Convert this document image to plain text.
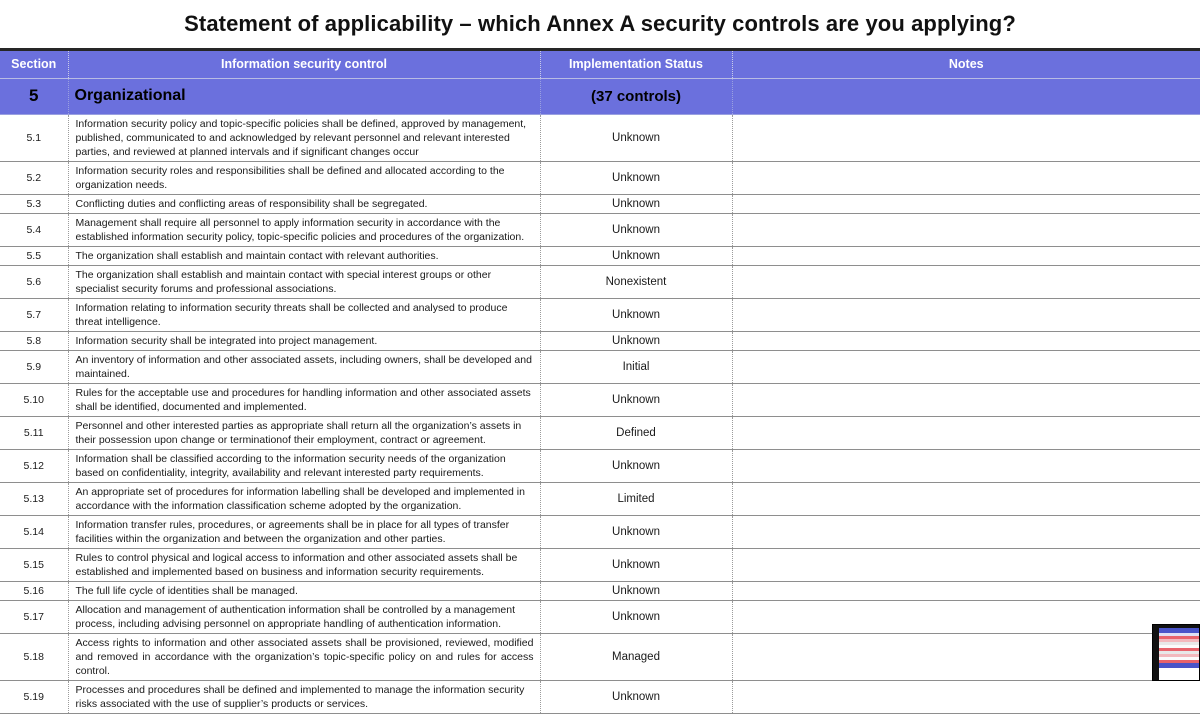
Statement of applicability – which Annex A security controls are you applying?
Section	Information security control	Implementation Status	Notes
5	Organizational	(37 controls)	
5.1	Information security policy and topic-specific policies shall be defined, approved by management, published, communicated to and acknowledged by relevant personnel and relevant interested parties, and reviewed at planned intervals and if significant changes occur	Unknown	
5.2	Information security roles and responsibilities shall be defined and allocated according to the organization needs.	Unknown	
5.3	Conflicting duties and conflicting areas of responsibility shall be segregated.	Unknown	
5.4	Management shall require all personnel to apply information security in accordance with the established information security policy, topic-specific policies and procedures of the organization.	Unknown	
5.5	The organization shall establish and maintain contact with relevant authorities.	Unknown	
5.6	The organization shall establish and maintain contact with special interest groups or other specialist security forums and professional associations.	Nonexistent	
5.7	Information relating to information security threats shall be collected and analysed to produce threat intelligence.	Unknown	
5.8	Information security shall be integrated into project management.	Unknown	
5.9	An inventory of information and other associated assets, including owners, shall be developed and maintained.	Initial	
5.10	Rules for the acceptable use and procedures for handling information and other associated assets shall be identified, documented and implemented.	Unknown	
5.11	Personnel and other interested parties as appropriate shall return all the organization’s assets in their possession upon change or terminationof their employment, contract or agreement.	Defined	
5.12	Information shall be classified according to the information security needs of the organization based on confidentiality, integrity, availability and relevant interested party requirements.	Unknown	
5.13	An appropriate set of procedures for information labelling shall be developed and implemented in accordance with the information classification scheme adopted by the organization.	Limited	
5.14	Information transfer rules, procedures, or agreements shall be in place for all types of transfer facilities within the organization and between the organization and other parties.	Unknown	
5.15	Rules to control physical and logical access to information and other associated assets shall be established and implemented based on business and information security requirements.	Unknown	
5.16	The full life cycle of identities shall be managed.	Unknown	
5.17	Allocation and management of authentication information shall be controlled by a management process, including advising personnel on appropriate handling of authentication information.	Unknown	
5.18	Access rights to information and other associated assets shall be provisioned, reviewed, modified and removed in accordance with the organization’s topic-specific policy on and rules for access control.	Managed	
5.19	Processes and procedures shall be defined and implemented to manage the information security risks associated with the use of supplier’s products or services.	Unknown	
